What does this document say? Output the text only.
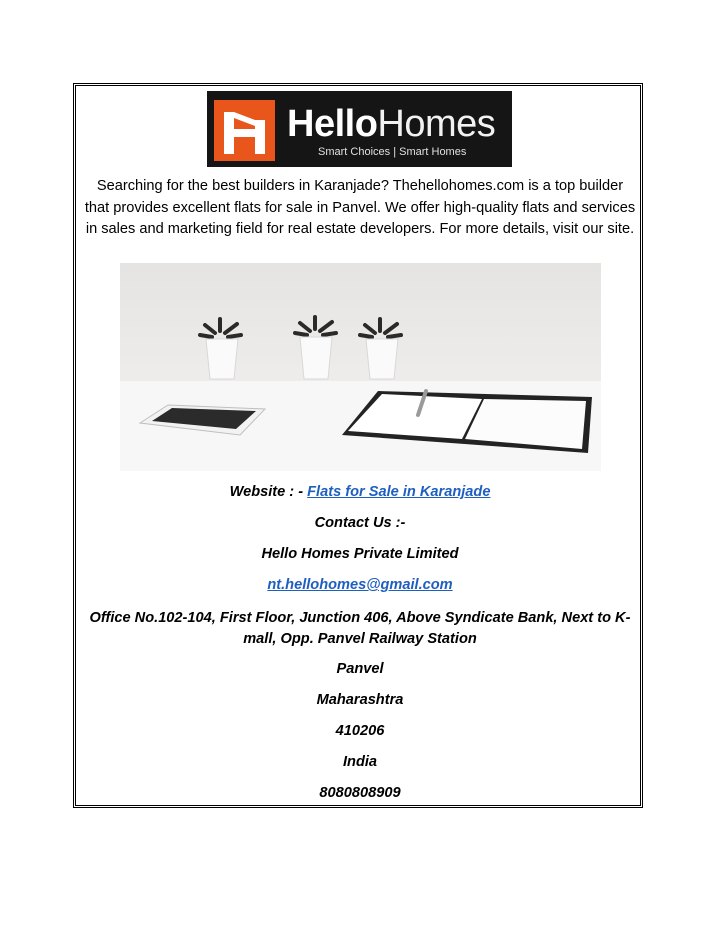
HelloHomes
Smart Choices | Smart Homes
Searching for the best builders in Karanjade? Thehellohomes.com is a top builder that provides excellent flats for sale in Panvel. We offer high-quality flats and services in sales and marketing field for real estate developers. For more details, visit our site.
Website : - Flats for Sale in Karanjade
Contact Us :-
Hello Homes Private Limited
nt.hellohomes@gmail.com
Office No.102-104, First Floor, Junction 406, Above Syndicate Bank, Next to K-mall, Opp. Panvel Railway Station
Panvel
Maharashtra
410206
India
8080808909
